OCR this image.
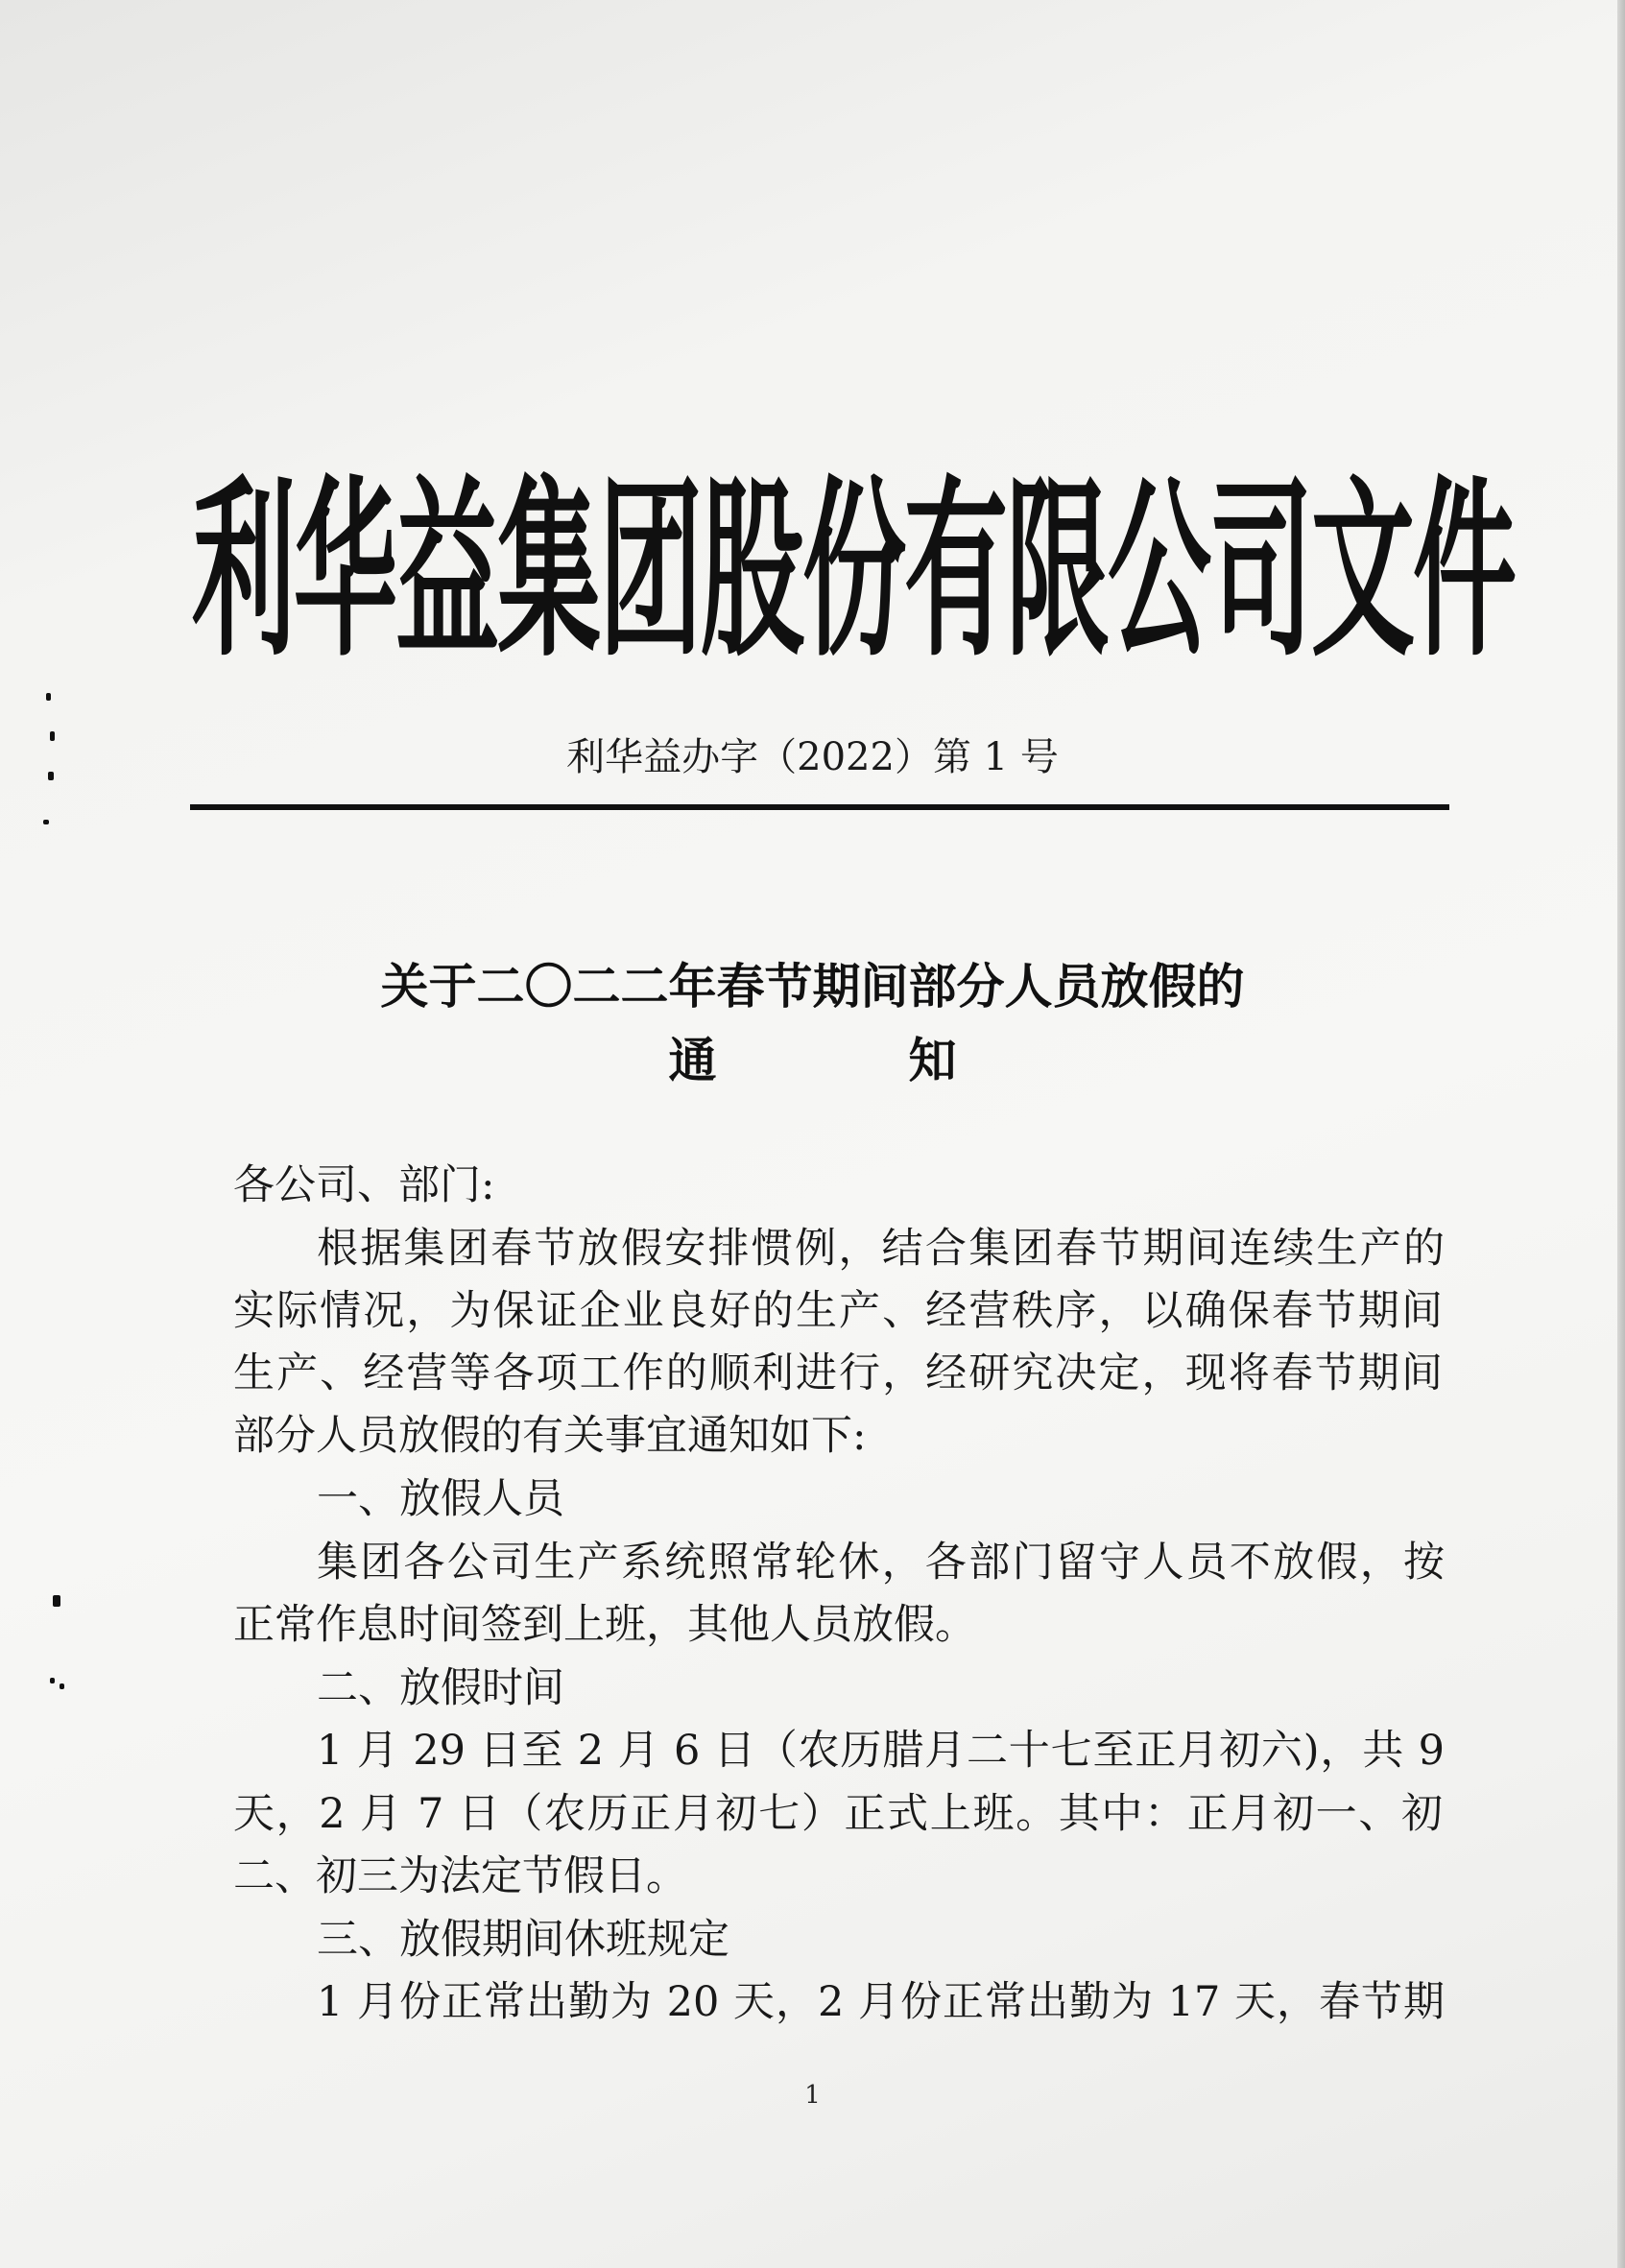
利华益集团股份有限公司文件
利华益办字（2022）第 1 号
关于二〇二二年春节期间部分人员放假的
通	知
各公司、部门:
根据集团春节放假安排惯例，结合集团春节期间连续生产的
实际情况，为保证企业良好的生产、经营秩序，以确保春节期间
生产、经营等各项工作的顺利进行，经研究决定，现将春节期间
部分人员放假的有关事宜通知如下:
一、放假人员
集团各公司生产系统照常轮休，各部门留守人员不放假，按
正常作息时间签到上班，其他人员放假。
二、放假时间
1 月 29 日至 2 月 6 日（农历腊月二十七至正月初六)，共 9
天，2 月 7 日（农历正月初七）正式上班。其中：正月初一、初
二、初三为法定节假日。
三、放假期间休班规定
1 月份正常出勤为 20 天，2 月份正常出勤为 17 天，春节期
1
